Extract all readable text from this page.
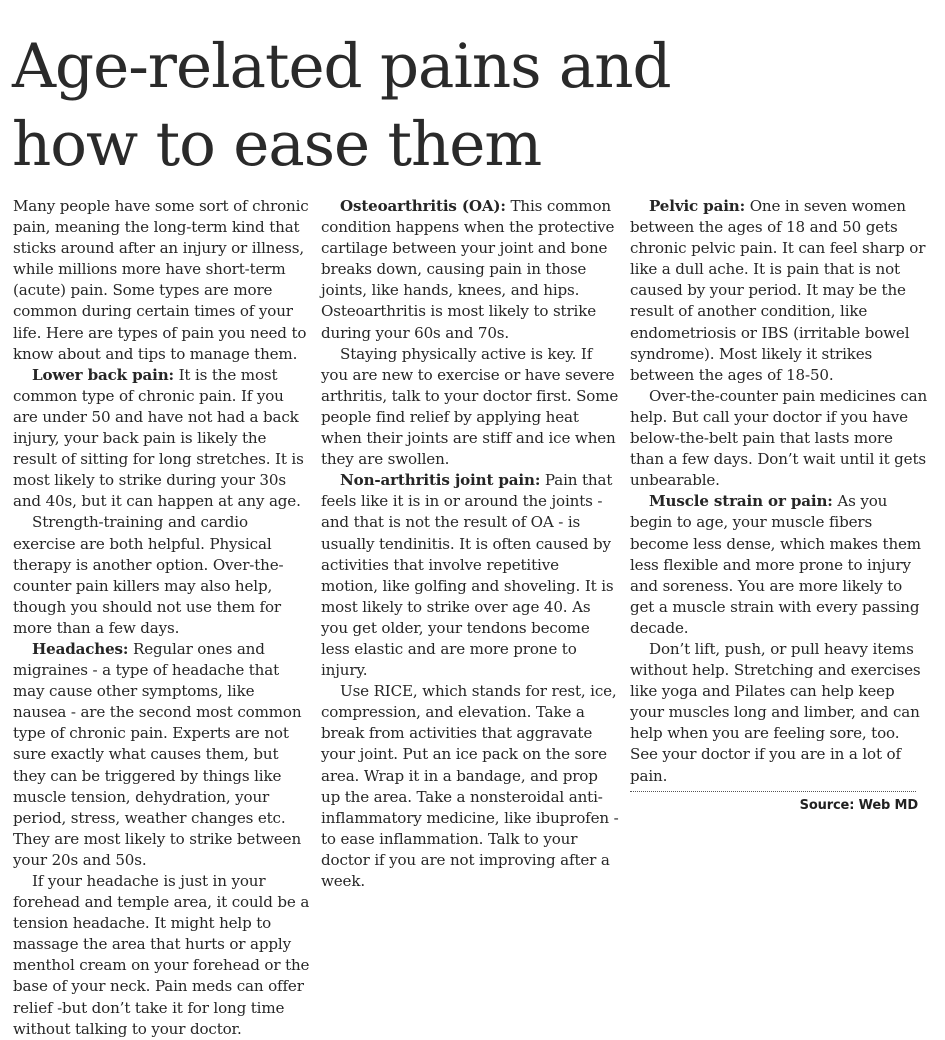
Age-related pains and
how to ease them

Many people have some sort of chronic pain, meaning the long-term kind that sticks around after an injury or illness, while millions more have short-term (acute) pain. Some types are more common during certain times of your life. Here are types of pain you need to know about and tips to manage them.

Lower back pain: It is the most common type of chronic pain. If you are under 50 and have not had a back injury, your back pain is likely the result of sitting for long stretches. It is most likely to strike during your 30s and 40s, but it can happen at any age.

Strength-training and cardio exercise are both helpful. Physical therapy is another option. Over-the-counter pain killers may also help, though you should not use them for more than a few days.

Headaches: Regular ones and migraines - a type of headache that may cause other symptoms, like nausea - are the second most common type of chronic pain. Experts are not sure exactly what causes them, but they can be triggered by things like muscle tension, dehydration, your period, stress, weather changes etc. They are most likely to strike between your 20s and 50s.

If your headache is just in your forehead and temple area, it could be a tension headache. It might help to massage the area that hurts or apply menthol cream on your forehead or the base of your neck. Pain meds can offer relief -but don’t take it for long time without talking to your doctor.

Osteoarthritis (OA): This common condition happens when the protective cartilage between your joint and bone breaks down, causing pain in those joints, like hands, knees, and hips. Osteoarthritis is most likely to strike during your 60s and 70s.

Staying physically active is key. If you are new to exercise or have severe arthritis, talk to your doctor first. Some people find relief by applying heat when their joints are stiff and ice when they are swollen.

Non-arthritis joint pain: Pain that feels like it is in or around the joints - and that is not the result of OA - is usually tendinitis. It is often caused by activities that involve repetitive motion, like golfing and shoveling. It is most likely to strike over age 40. As you get older, your tendons become less elastic and are more prone to injury.

Use RICE, which stands for rest, ice, compression, and elevation. Take a break from activities that aggravate your joint. Put an ice pack on the sore area. Wrap it in a bandage, and prop up the area. Take a nonsteroidal anti-inflammatory medicine, like ibuprofen - to ease inflammation. Talk to your doctor if you are not improving after a week.

Pelvic pain: One in seven women between the ages of 18 and 50 gets chronic pelvic pain. It can feel sharp or like a dull ache. It is pain that is not caused by your period. It may be the result of another condition, like endometriosis or IBS (irritable bowel syndrome). Most likely it strikes between the ages of 18-50.

Over-the-counter pain medicines can help. But call your doctor if you have below-the-belt pain that lasts more than a few days. Don’t wait until it gets unbearable.

Muscle strain or pain: As you begin to age, your muscle fibers become less dense, which makes them less flexible and more prone to injury and soreness. You are more likely to get a muscle strain with every passing decade.

Don’t lift, push, or pull heavy items without help. Stretching and exercises like yoga and Pilates can help keep your muscles long and limber, and can help when you are feeling sore, too. See your doctor if you are in a lot of pain.

Source: Web MD
